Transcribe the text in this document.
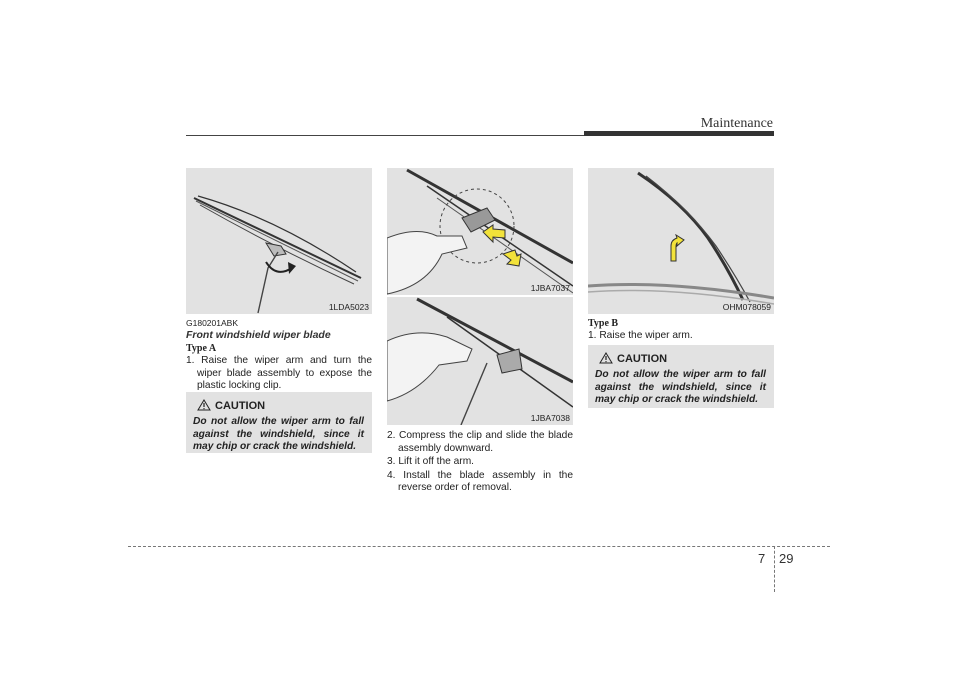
Maintenance
1LDA5023
G180201ABK
Front windshield wiper blade
Type A
1. Raise the wiper arm and turn the wiper blade assembly to expose the plastic locking clip.
CAUTION
Do not allow the wiper arm to fall against the windshield, since it may chip or crack the windshield.
1JBA7037
1JBA7038
2. Compress the clip and slide the blade assembly downward.
3. Lift it off the arm.
4. Install the blade assembly in the reverse order of removal.
OHM078059
Type B
1. Raise the wiper arm.
CAUTION
Do not allow the wiper arm to fall against the windshield, since it may chip or crack the windshield.
7 29
